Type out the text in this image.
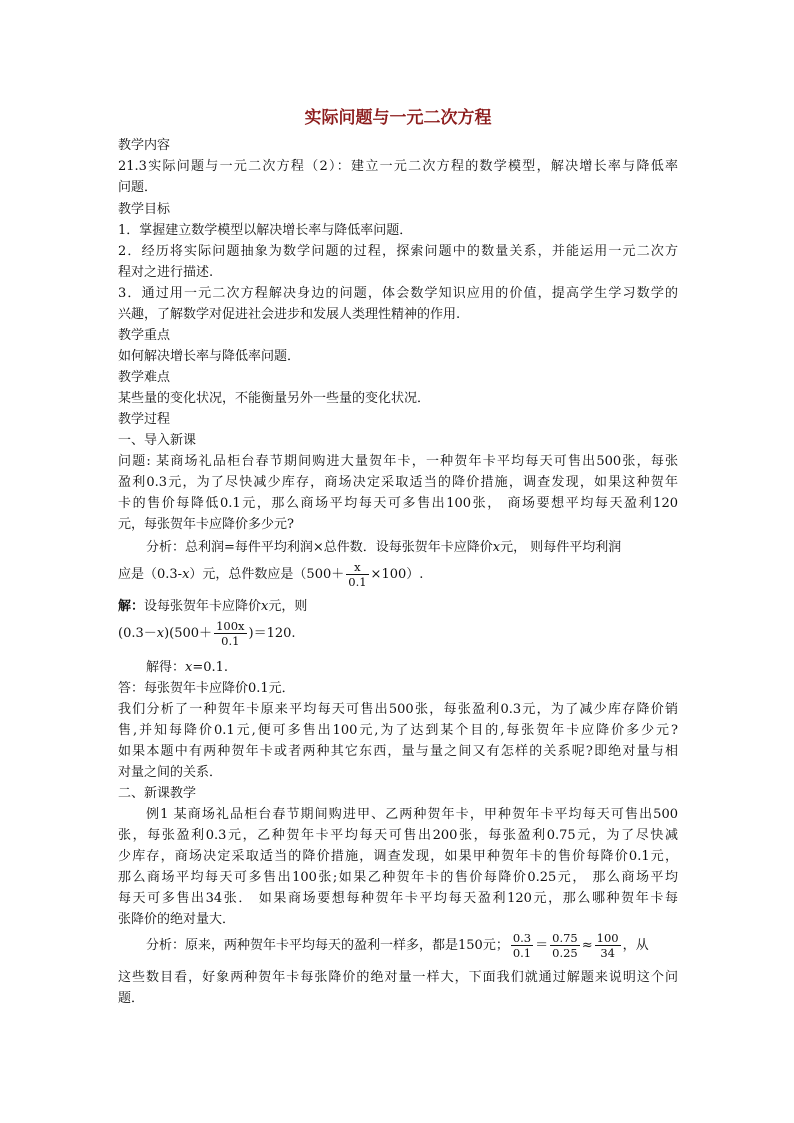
实际问题与一元二次方程
教学内容
21.3实际问题与一元二次方程（2）：建立一元二次方程的数学模型，解决增长率与降低率
问题．
教学目标
1．掌握建立数学模型以解决增长率与降低率问题．
2．经历将实际问题抽象为数学问题的过程，探索问题中的数量关系，并能运用一元二次方
程对之进行描述.
3．通过用一元二次方程解决身边的问题，体会数学知识应用的价值，提高学生学习数学的
兴趣，了解数学对促进社会进步和发展人类理性精神的作用.
教学重点
如何解决增长率与降低率问题．
教学难点
某些量的变化状况，不能衡量另外一些量的变化状况．
教学过程
一、导入新课
问题: 某商场礼品柜台春节期间购进大量贺年卡，一种贺年卡平均每天可售出500张，每张
盈利0.3元，为了尽快减少库存，商场决定采取适当的降价措施，调查发现，如果这种贺年
卡的售价每降低0.1元，那么商场平均每天可多售出100张， 商场要想平均每天盈利120
元，每张贺年卡应降价多少元?
分析：总利润=每件平均利润×总件数．设每张贺年卡应降价x元， 则每件平均利润
应是（0.3-x）元，总件数应是$(500+ \frac{x}{0.1} \times 100)$.
解：设每张贺年卡应降价x元，则
$(0.3-x)(500+ \frac{100x}{0.1} )=120$.
解得：x=0.1.
答：每张贺年卡应降价0.1元．
我们分析了一种贺年卡原来平均每天可售出500张，每张盈利0.3元，为了减少库存降价销
售,并知每降价0.1元,便可多售出100元,为了达到某个目的,每张贺年卡应降价多少元?
如果本题中有两种贺年卡或者两种其它东西，量与量之间又有怎样的关系呢?即绝对量与相
对量之间的关系．
二、新课教学
例1 某商场礼品柜台春节期间购进甲、乙两种贺年卡，甲种贺年卡平均每天可售出500
张，每张盈利0.3元，乙种贺年卡平均每天可售出200张，每张盈利0.75元，为了尽快减
少库存，商场决定采取适当的降价措施，调查发现，如果甲种贺年卡的售价每降价0.1元，
那么商场平均每天可多售出100张;如果乙种贺年卡的售价每降价0.25元， 那么商场平均
每天可多售出34张． 如果商场要想每种贺年卡平均每天盈利120元，那么哪种贺年卡每
张降价的绝对量大．
分析：原来，两种贺年卡平均每天的盈利一样多，都是150元； $\frac{0.3}{0.1} = \frac{0.75}{0.25} \approx \frac{100}{34}$ ，从
这些数目看，好象两种贺年卡每张降价的绝对量一样大，下面我们就通过解题来说明这个问
题．
